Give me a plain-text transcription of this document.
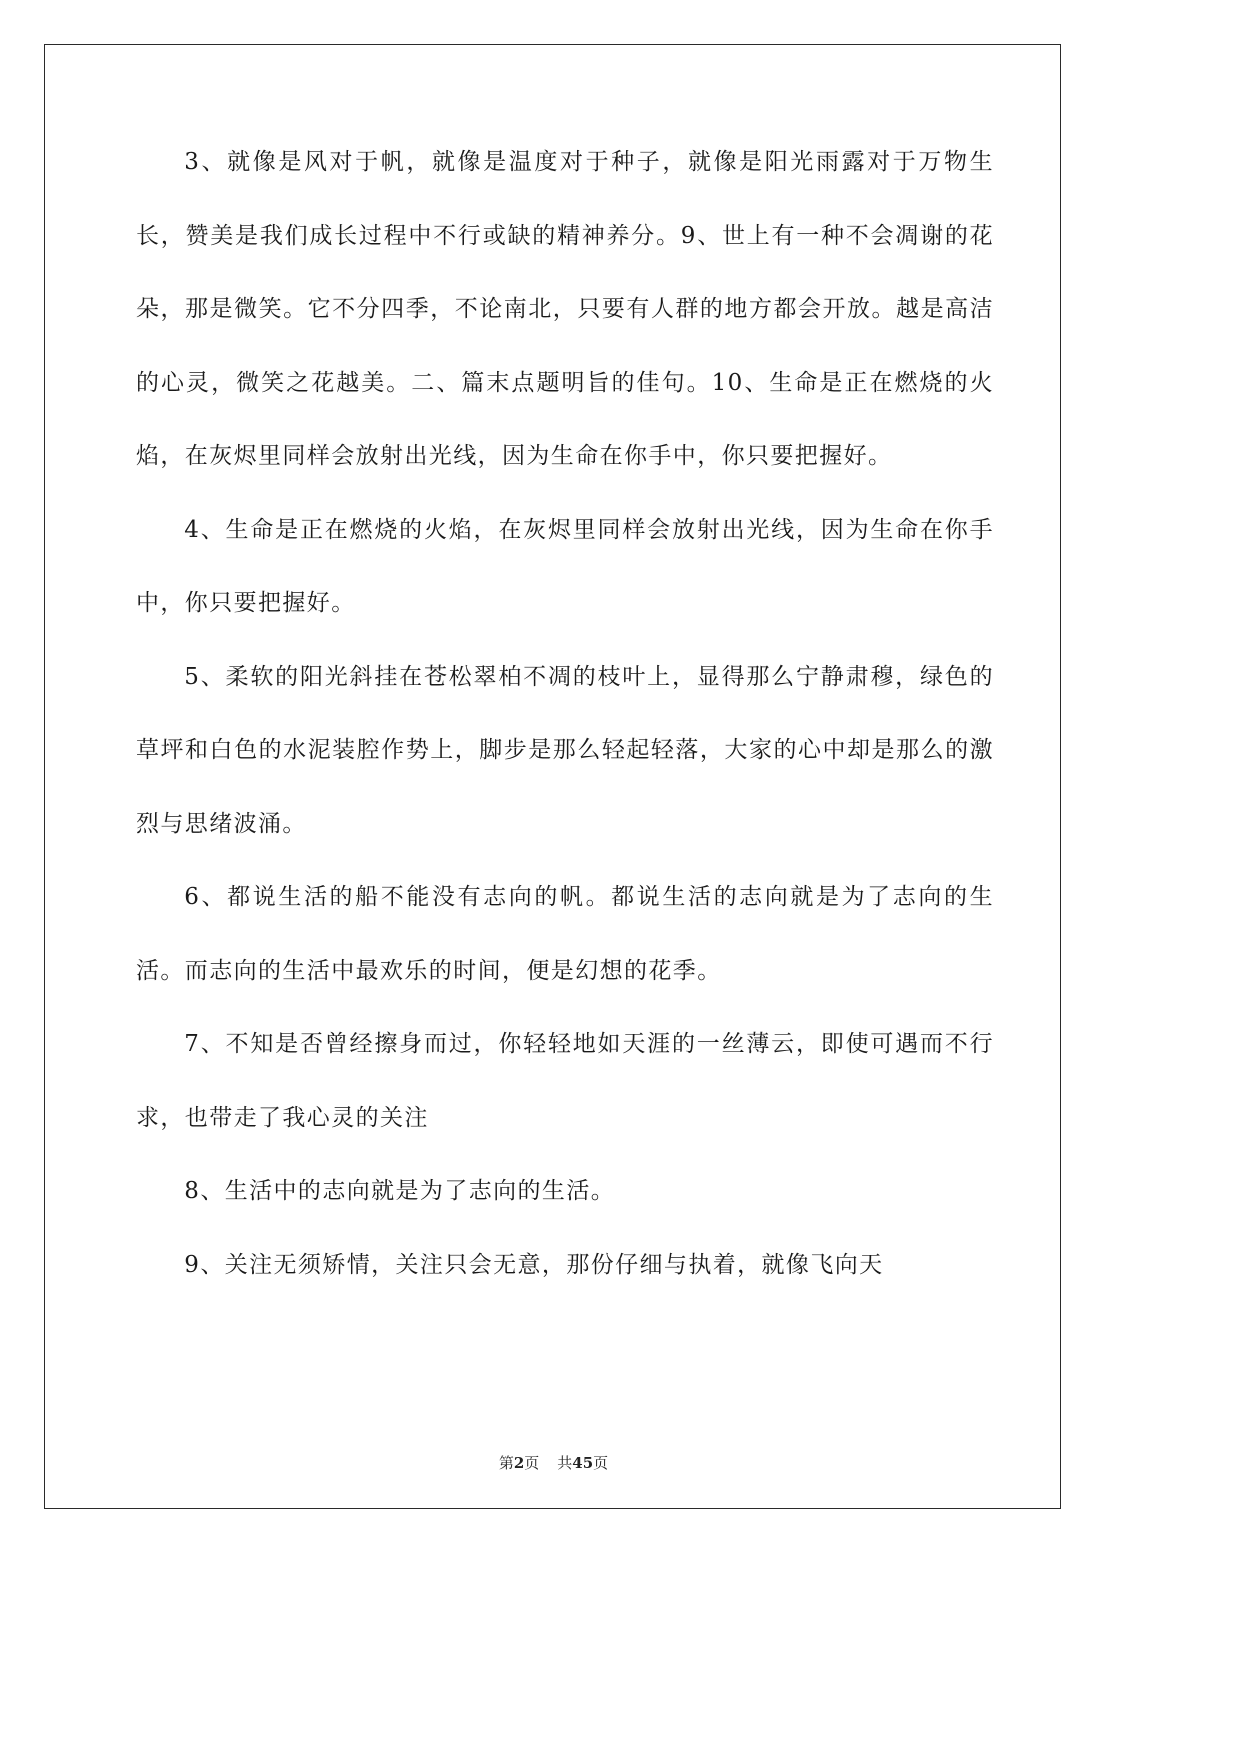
3、就像是风对于帆，就像是温度对于种子，就像是阳光雨露对于万物生长，赞美是我们成长过程中不行或缺的精神养分。9、世上有一种不会凋谢的花朵，那是微笑。它不分四季，不论南北，只要有人群的地方都会开放。越是高洁的心灵，微笑之花越美。二、篇末点题明旨的佳句。10、生命是正在燃烧的火焰，在灰烬里同样会放射出光线，因为生命在你手中，你只要把握好。

4、生命是正在燃烧的火焰，在灰烬里同样会放射出光线，因为生命在你手中，你只要把握好。

5、柔软的阳光斜挂在苍松翠柏不凋的枝叶上，显得那么宁静肃穆，绿色的草坪和白色的水泥装腔作势上，脚步是那么轻起轻落，大家的心中却是那么的激烈与思绪波涌。

6、都说生活的船不能没有志向的帆。都说生活的志向就是为了志向的生活。而志向的生活中最欢乐的时间，便是幻想的花季。

7、不知是否曾经擦身而过，你轻轻地如天涯的一丝薄云，即使可遇而不行求，也带走了我心灵的关注

8、生活中的志向就是为了志向的生活。

9、关注无须矫情，关注只会无意，那份仔细与执着，就像飞向天

第2页 共45页
